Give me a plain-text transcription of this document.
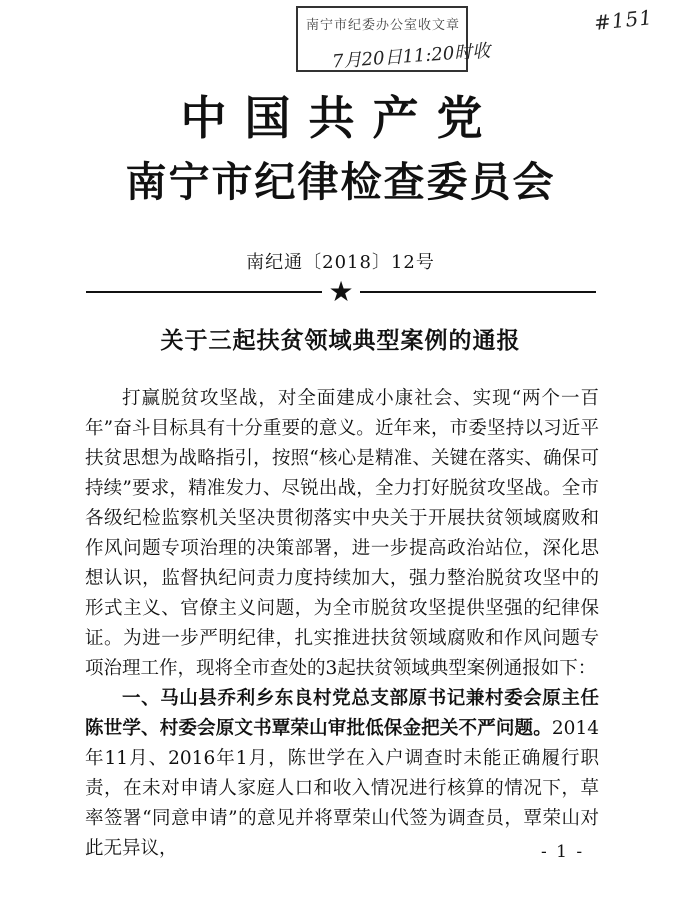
南宁市纪委办公室收文章
7月20日11:20时收
#151
中国共产党
南宁市纪律检查委员会
南纪通〔2018〕12号
★
关于三起扶贫领域典型案例的通报

打赢脱贫攻坚战，对全面建成小康社会、实现“两个一百年”奋斗目标具有十分重要的意义。近年来，市委坚持以习近平扶贫思想为战略指引，按照“核心是精准、关键在落实、确保可持续”要求，精准发力、尽锐出战，全力打好脱贫攻坚战。全市各级纪检监察机关坚决贯彻落实中央关于开展扶贫领域腐败和作风问题专项治理的决策部署，进一步提高政治站位，深化思想认识，监督执纪问责力度持续加大，强力整治脱贫攻坚中的形式主义、官僚主义问题，为全市脱贫攻坚提供坚强的纪律保证。为进一步严明纪律，扎实推进扶贫领域腐败和作风问题专项治理工作，现将全市查处的3起扶贫领域典型案例通报如下：

一、马山县乔利乡东良村党总支部原书记兼村委会原主任陈世学、村委会原文书覃荣山审批低保金把关不严问题。2014年11月、2016年1月，陈世学在入户调查时未能正确履行职责，在未对申请人家庭人口和收入情况进行核算的情况下，草率签署“同意申请”的意见并将覃荣山代签为调查员，覃荣山对此无异议，	- 1 -
